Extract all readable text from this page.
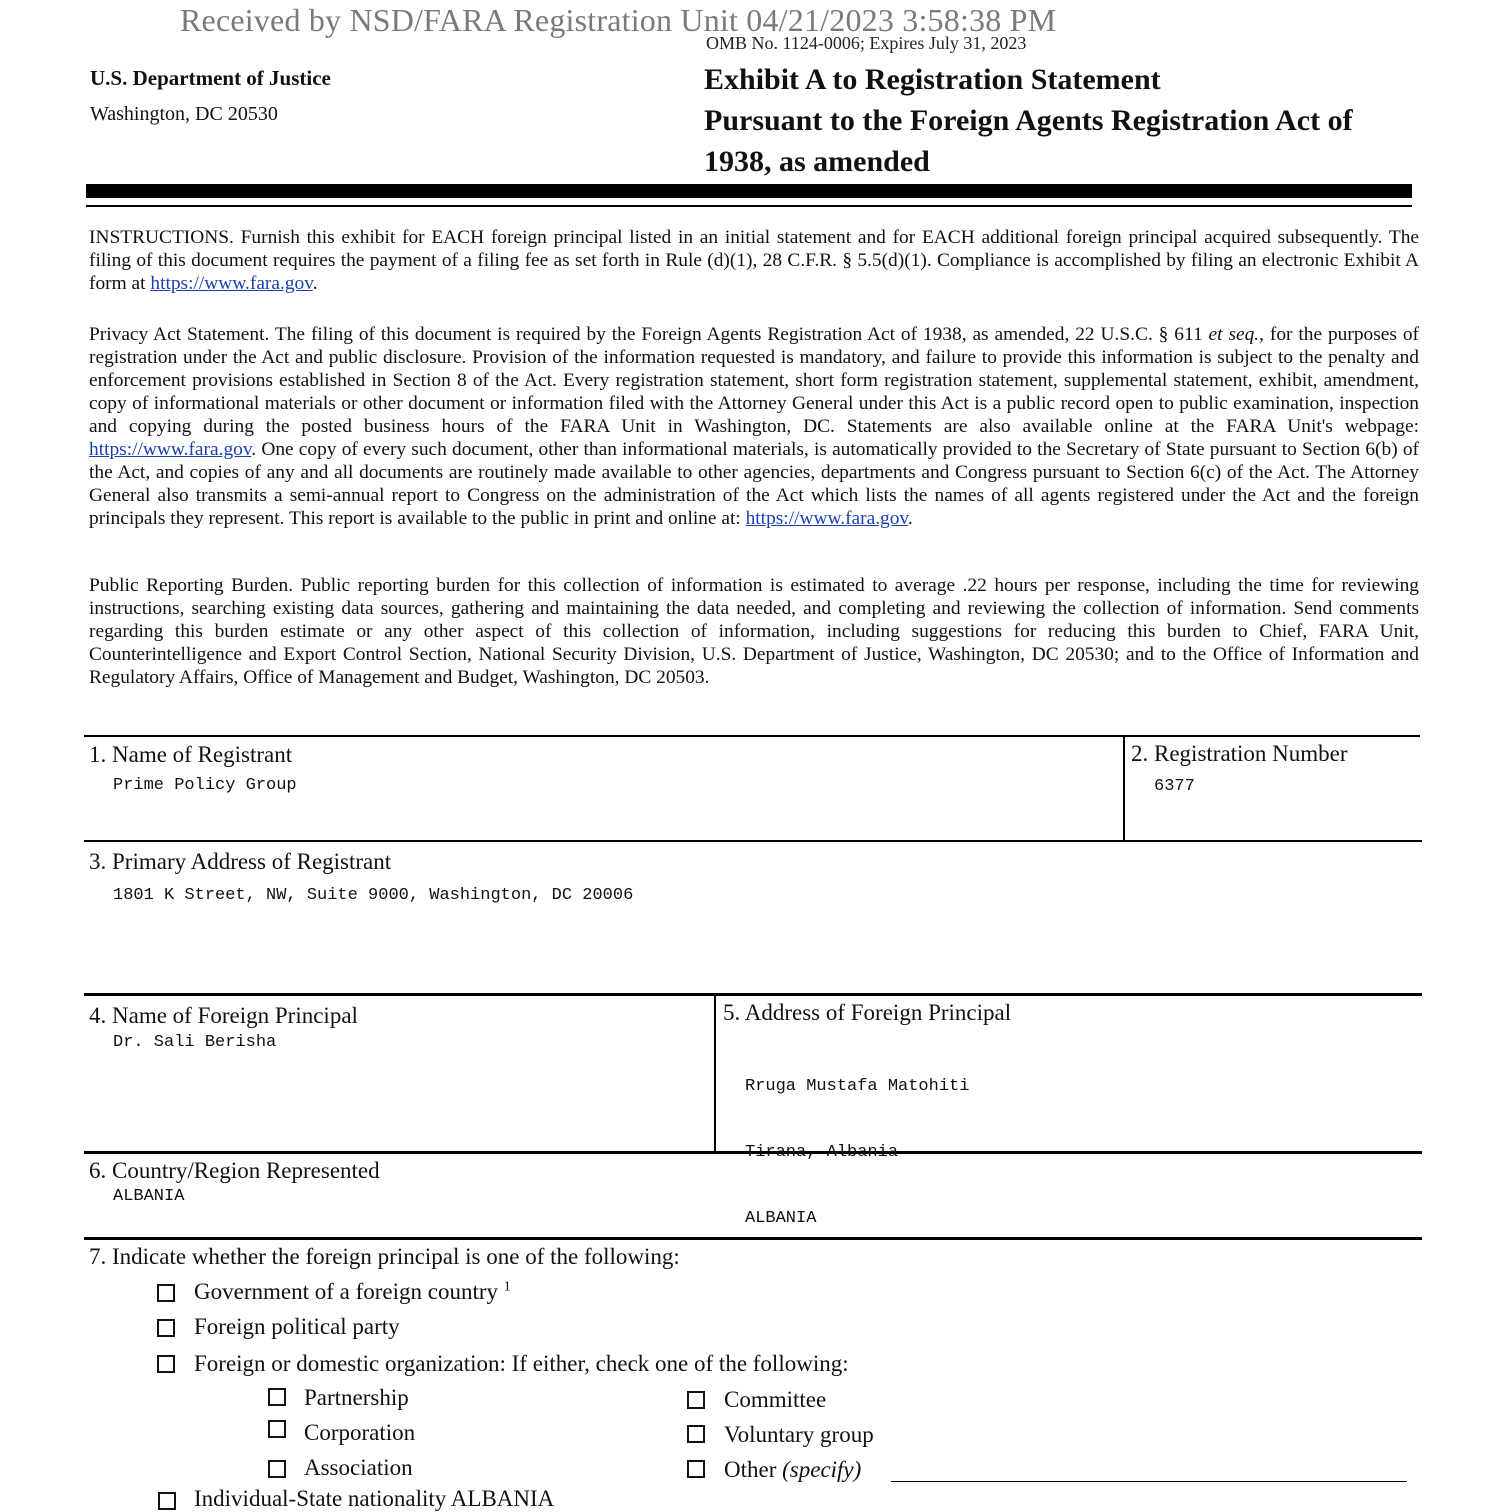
Received by NSD/FARA Registration Unit 04/21/2023 3:58:38 PM
OMB No. 1124-0006; Expires July 31, 2023
U.S. Department of Justice
Washington, DC 20530
Exhibit A to Registration Statement
Pursuant to the Foreign Agents Registration Act of
1938, as amended
INSTRUCTIONS. Furnish this exhibit for EACH foreign principal listed in an initial statement and for EACH additional foreign principal acquired subsequently. The filing of this document requires the payment of a filing fee as set forth in Rule (d)(1), 28 C.F.R. § 5.5(d)(1). Compliance is accomplished by filing an electronic Exhibit A form at https://www.fara.gov.
Privacy Act Statement. The filing of this document is required by the Foreign Agents Registration Act of 1938, as amended, 22 U.S.C. § 611 et seq., for the purposes of registration under the Act and public disclosure. Provision of the information requested is mandatory, and failure to provide this information is subject to the penalty and enforcement provisions established in Section 8 of the Act. Every registration statement, short form registration statement, supplemental statement, exhibit, amendment, copy of informational materials or other document or information filed with the Attorney General under this Act is a public record open to public examination, inspection and copying during the posted business hours of the FARA Unit in Washington, DC. Statements are also available online at the FARA Unit's webpage: https://www.fara.gov. One copy of every such document, other than informational materials, is automatically provided to the Secretary of State pursuant to Section 6(b) of the Act, and copies of any and all documents are routinely made available to other agencies, departments and Congress pursuant to Section 6(c) of the Act. The Attorney General also transmits a semi-annual report to Congress on the administration of the Act which lists the names of all agents registered under the Act and the foreign principals they represent. This report is available to the public in print and online at: https://www.fara.gov.
Public Reporting Burden. Public reporting burden for this collection of information is estimated to average .22 hours per response, including the time for reviewing instructions, searching existing data sources, gathering and maintaining the data needed, and completing and reviewing the collection of information. Send comments regarding this burden estimate or any other aspect of this collection of information, including suggestions for reducing this burden to Chief, FARA Unit, Counterintelligence and Export Control Section, National Security Division, U.S. Department of Justice, Washington, DC 20530; and to the Office of Information and Regulatory Affairs, Office of Management and Budget, Washington, DC 20503.
1. Name of Registrant
Prime Policy Group
2. Registration Number
6377
3. Primary Address of Registrant
1801 K Street, NW, Suite 9000, Washington, DC 20006
4. Name of Foreign Principal
Dr. Sali Berisha
5. Address of Foreign Principal

Rruga Mustafa Matohiti

Tirana, Albania

ALBANIA

6. Country/Region Represented
ALBANIA
7. Indicate whether the foreign principal is one of the following:
Government of a foreign country $^1$
Foreign political party
Foreign or domestic organization: If either, check one of the following:
Partnership
Corporation
Association
Committee
Voluntary group
Other (specify)
Individual-State nationality ALBANIA
